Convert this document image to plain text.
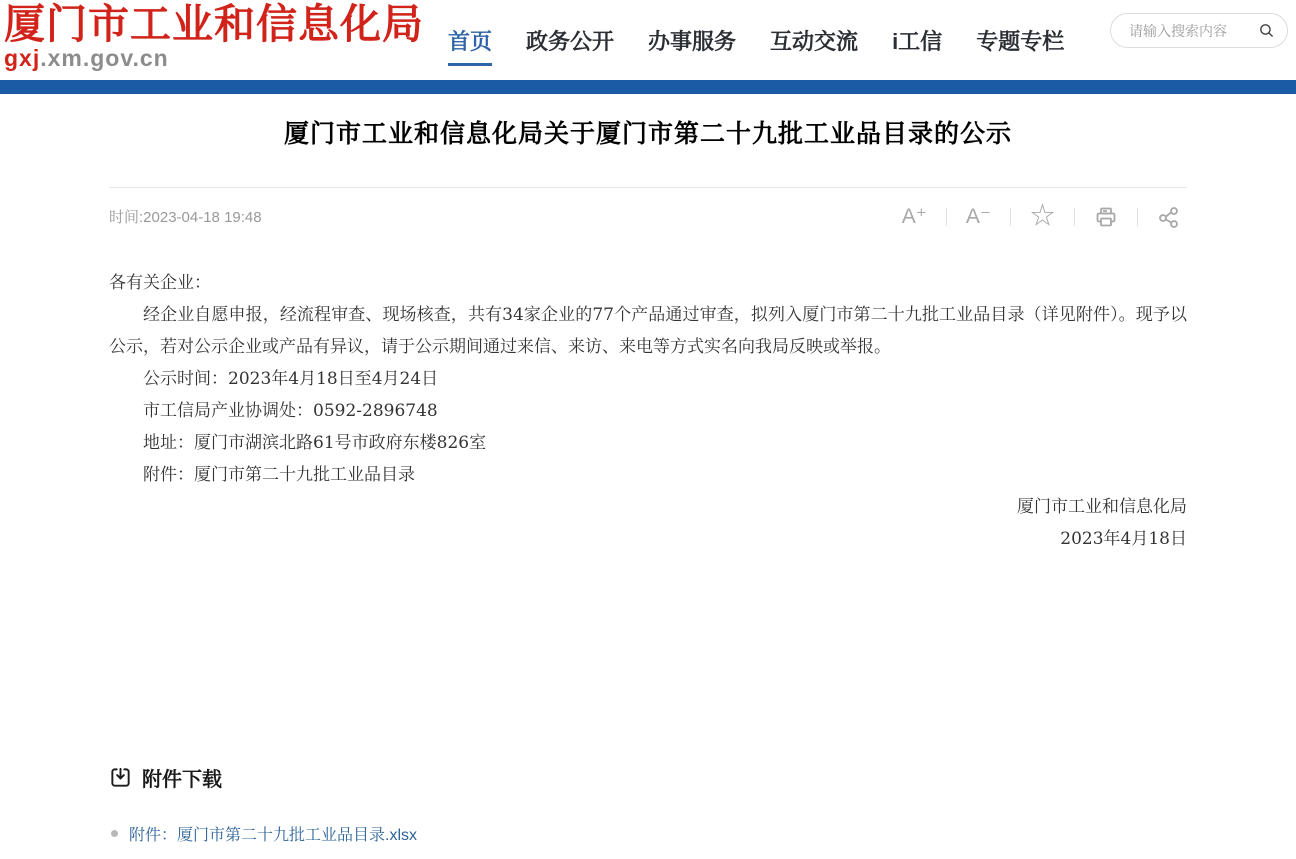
厦门市工业和信息化局
gxj.xm.gov.cn
首页 政务公开 办事服务 互动交流 i工信 专题专栏
请输入搜索内容
厦门市工业和信息化局关于厦门市第二十九批工业品目录的公示
时间:2023-04-18 19:48	A⁺	A⁻	☆

各有关企业：

经企业自愿申报，经流程审查、现场核查，共有34家企业的77个产品通过审查，拟列入厦门市第二十九批工业品目录（详见附件）。现予以公示，若对公示企业或产品有异议，请于公示期间通过来信、来访、来电等方式实名向我局反映或举报。

公示时间：2023年4月18日至4月24日

市工信局产业协调处：0592-2896748

地址：厦门市湖滨北路61号市政府东楼826室

附件：厦门市第二十九批工业品目录

厦门市工业和信息化局

2023年4月18日

附件下载
附件：厦门市第二十九批工业品目录.xlsx
